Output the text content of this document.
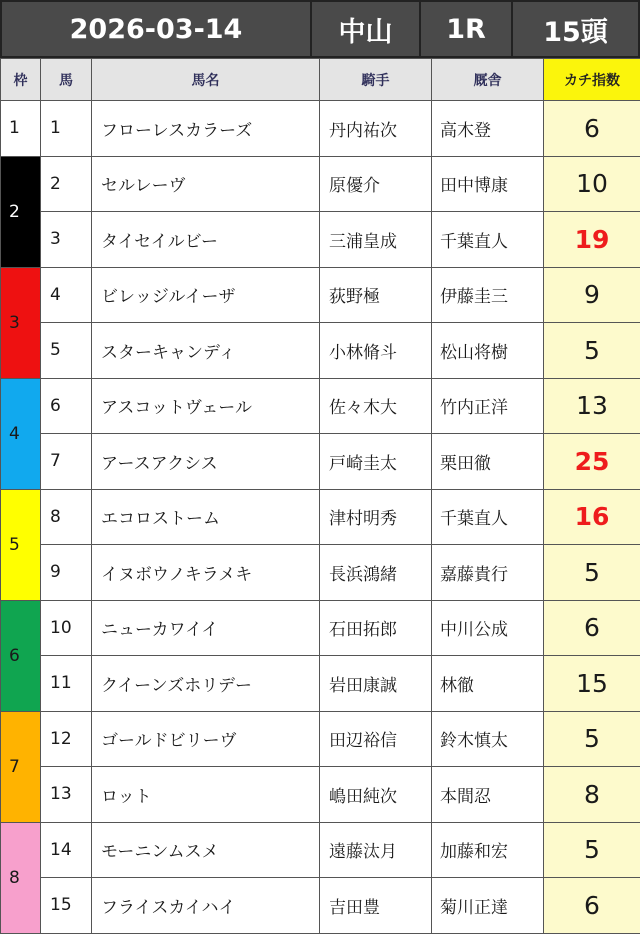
2026-03-14	中山	1R	15頭
枠	馬	馬名	騎手	厩舎	カチ指数
1	1	フローレスカラーズ	丹内祐次	高木登	6
2	2	セルレーヴ	原優介	田中博康	10
	3	タイセイルビー	三浦皇成	千葉直人	19
3	4	ビレッジルイーザ	荻野極	伊藤圭三	9
	5	スターキャンディ	小林脩斗	松山将樹	5
4	6	アスコットヴェール	佐々木大	竹内正洋	13
	7	アースアクシス	戸崎圭太	栗田徹	25
5	8	エコロストーム	津村明秀	千葉直人	16
	9	イヌボウノキラメキ	長浜鴻緒	嘉藤貴行	5
6	10	ニューカワイイ	石田拓郎	中川公成	6
	11	クイーンズホリデー	岩田康誠	林徹	15
7	12	ゴールドビリーヴ	田辺裕信	鈴木慎太	5
	13	ロット	嶋田純次	本間忍	8
8	14	モーニンムスメ	遠藤汰月	加藤和宏	5
	15	フライスカイハイ	吉田豊	菊川正達	6
